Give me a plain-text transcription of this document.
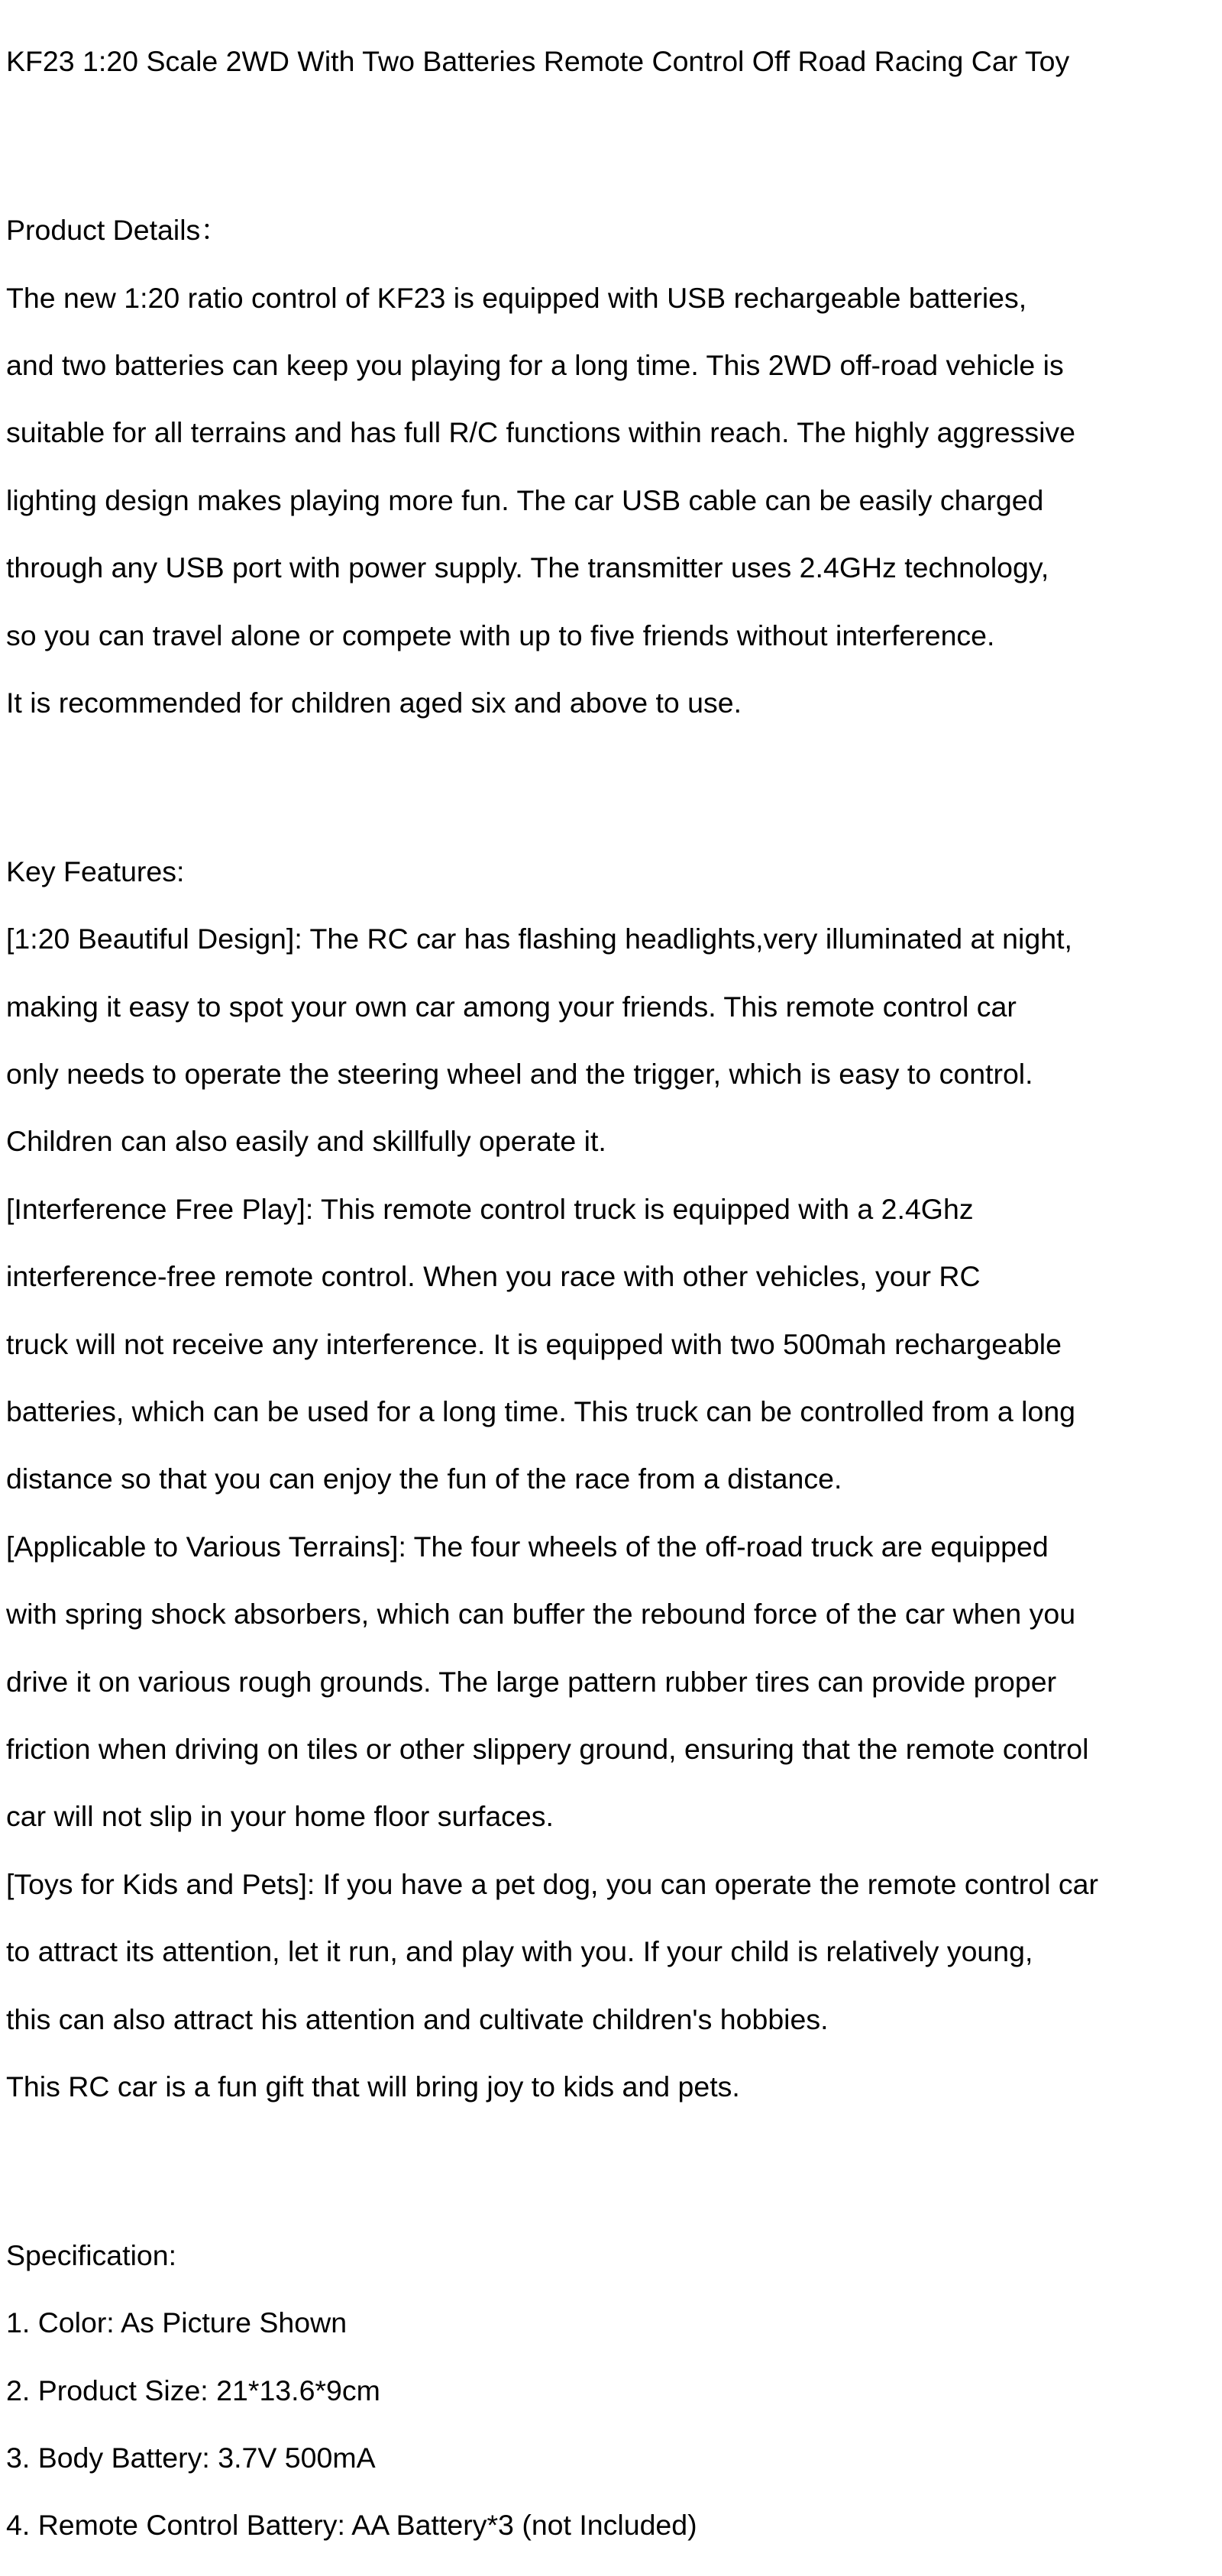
KF23 1:20 Scale 2WD With Two Batteries Remote Control Off Road Racing Car Toy

Product Details：

The new 1:20 ratio control of KF23 is equipped with USB rechargeable batteries,

and two batteries can keep you playing for a long time. This 2WD off-road vehicle is

suitable for all terrains and has full R/C functions within reach. The highly aggressive

lighting design makes playing more fun. The car USB cable can be easily charged

through any USB port with power supply. The transmitter uses 2.4GHz technology,

so you can travel alone or compete with up to five friends without interference.

It is recommended for children aged six and above to use.

Key Features:

[1:20 Beautiful Design]: The RC car has flashing headlights,very illuminated at night,

making it easy to spot your own car among your friends. This remote control car

only needs to operate the steering wheel and the trigger, which is easy to control.

Children can also easily and skillfully operate it.

[Interference Free Play]: This remote control truck is equipped with a 2.4Ghz

interference-free remote control. When you race with other vehicles, your RC

truck will not receive any interference. It is equipped with two 500mah rechargeable

batteries, which can be used for a long time. This truck can be controlled from a long

distance so that you can enjoy the fun of the race from a distance.

[Applicable to Various Terrains]: The four wheels of the off-road truck are equipped

with spring shock absorbers, which can buffer the rebound force of the car when you

drive it on various rough grounds. The large pattern rubber tires can provide proper

friction when driving on tiles or other slippery ground, ensuring that the remote control

car will not slip in your home floor surfaces.

[Toys for Kids and Pets]: If you have a pet dog, you can operate the remote control car

to attract its attention, let it run, and play with you. If your child is relatively young,

this can also attract his attention and cultivate children's hobbies.

This RC car is a fun gift that will bring joy to kids and pets.

Specification:

1. Color: As Picture Shown

2. Product Size: 21*13.6*9cm

3. Body Battery: 3.7V 500mA

4. Remote Control Battery: AA Battery*3 (not Included)
